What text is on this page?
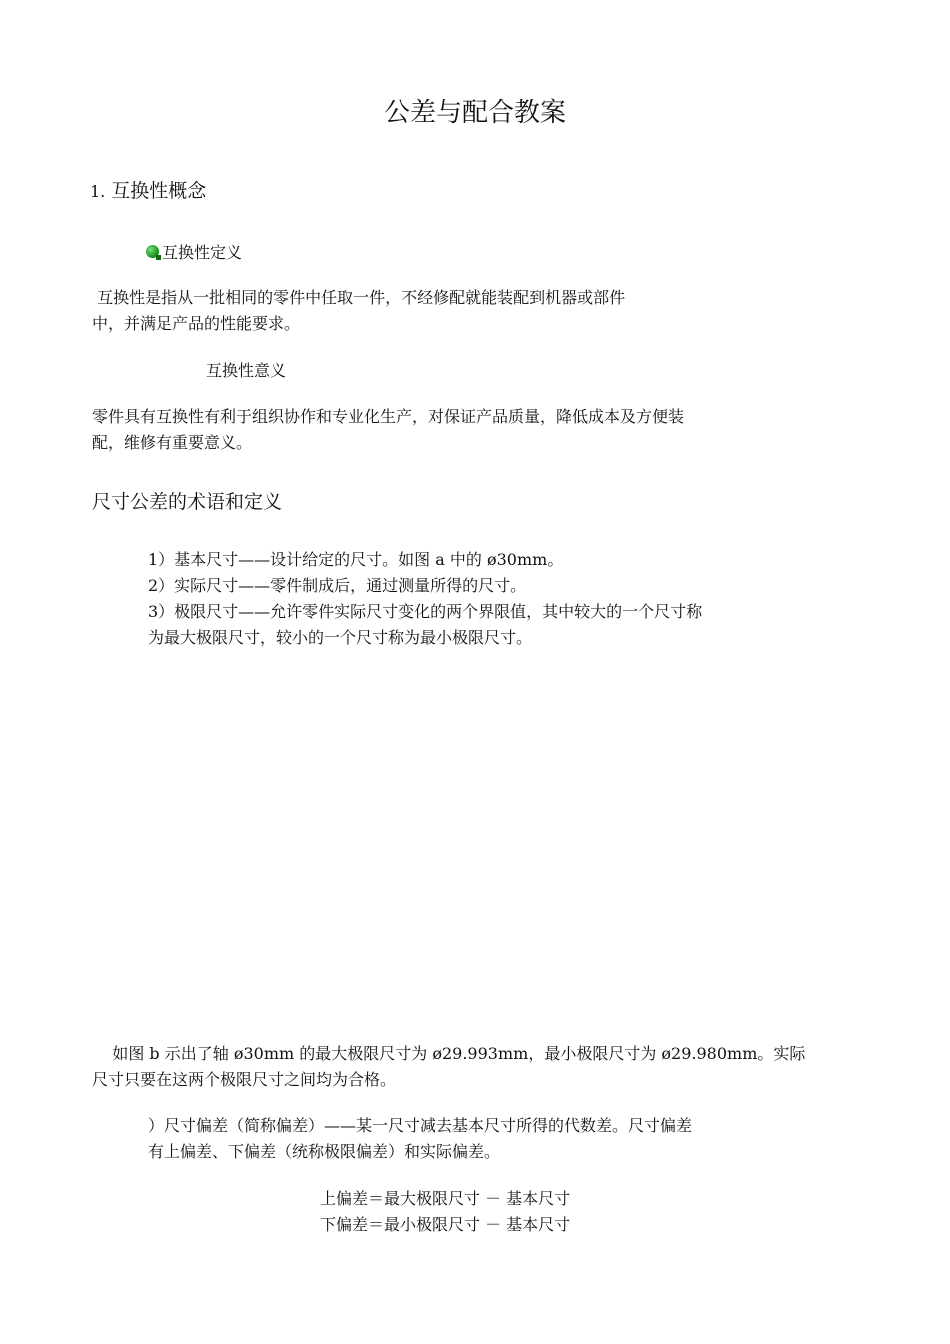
公差与配合教案
1. 互换性概念
互换性定义
互换性是指从一批相同的零件中任取一件，不经修配就能装配到机器或部件
中，并满足产品的性能要求。
互换性意义
零件具有互换性有利于组织协作和专业化生产，对保证产品质量，降低成本及方便装
配，维修有重要意义。
尺寸公差的术语和定义
1）基本尺寸——设计给定的尺寸。如图 a 中的 ø30mm。
2）实际尺寸——零件制成后，通过测量所得的尺寸。
3）极限尺寸——允许零件实际尺寸变化的两个界限值，其中较大的一个尺寸称
为最大极限尺寸，较小的一个尺寸称为最小极限尺寸。
如图 b 示出了轴 ø30mm 的最大极限尺寸为 ø29.993mm，最小极限尺寸为 ø29.980mm。实际
尺寸只要在这两个极限尺寸之间均为合格。
）尺寸偏差（简称偏差）——某一尺寸减去基本尺寸所得的代数差。尺寸偏差
有上偏差、下偏差（统称极限偏差）和实际偏差。
上偏差＝最大极限尺寸 － 基本尺寸
下偏差＝最小极限尺寸 － 基本尺寸
